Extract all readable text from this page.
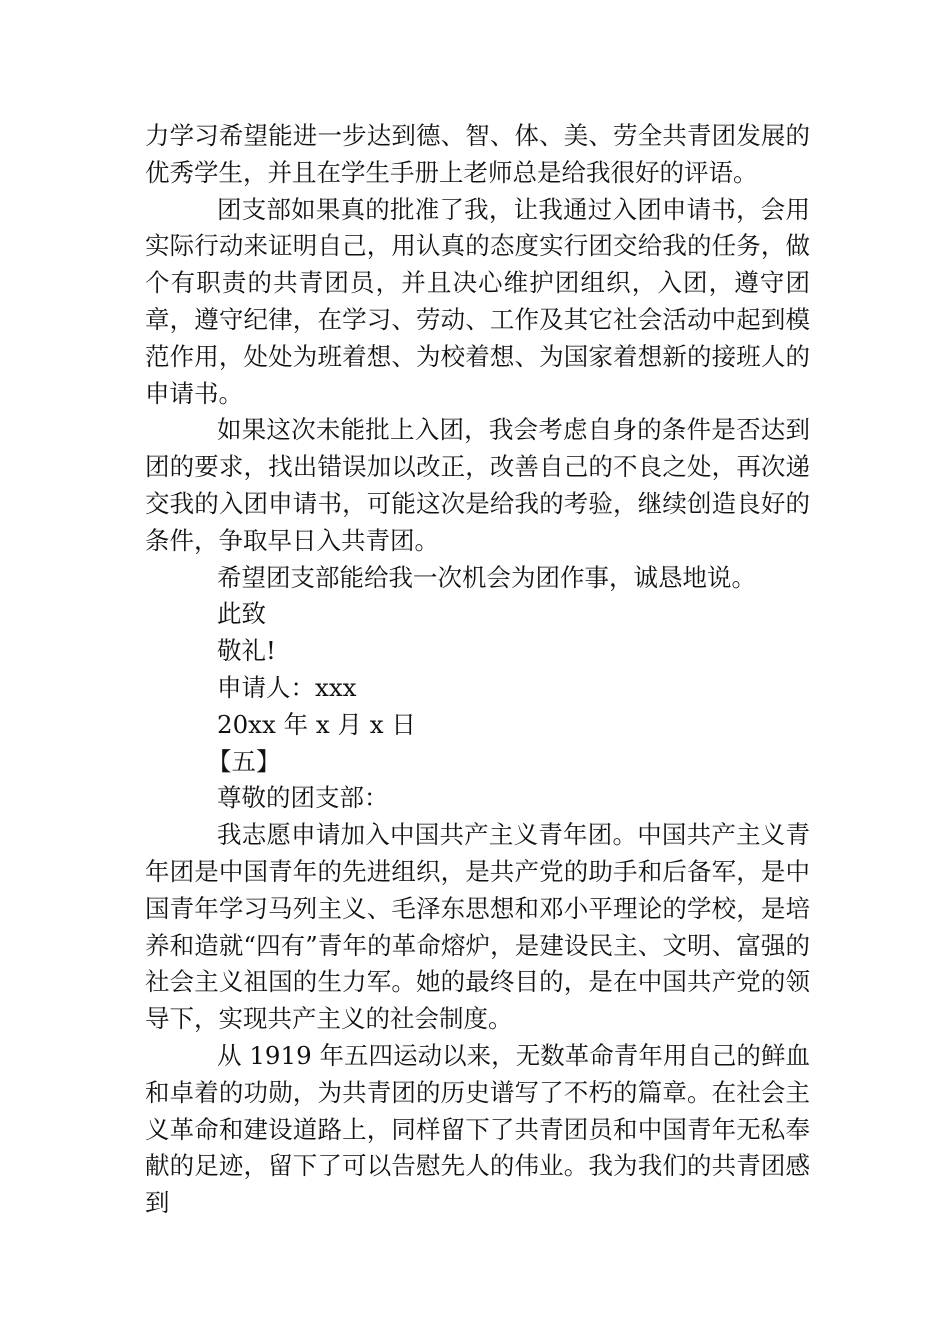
力学习希望能进一步达到德、智、体、美、劳全共青团发展的优秀学生，并且在学生手册上老师总是给我很好的评语。

团支部如果真的批准了我，让我通过入团申请书，会用实际行动来证明自己，用认真的态度实行团交给我的任务，做个有职责的共青团员，并且决心维护团组织，入团，遵守团章，遵守纪律，在学习、劳动、工作及其它社会活动中起到模范作用，处处为班着想、为校着想、为国家着想新的接班人的申请书。

如果这次未能批上入团，我会考虑自身的条件是否达到团的要求，找出错误加以改正，改善自己的不良之处，再次递交我的入团申请书，可能这次是给我的考验，继续创造良好的条件，争取早日入共青团。

希望团支部能给我一次机会为团作事，诚恳地说。

此致

敬礼!

申请人：xxx

20xx 年 x 月 x 日

【五】

尊敬的团支部：

我志愿申请加入中国共产主义青年团。中国共产主义青年团是中国青年的先进组织，是共产党的助手和后备军，是中国青年学习马列主义、毛泽东思想和邓小平理论的学校，是培养和造就“四有”青年的革命熔炉，是建设民主、文明、富强的社会主义祖国的生力军。她的最终目的，是在中国共产党的领导下，实现共产主义的社会制度。

从 1919 年五四运动以来，无数革命青年用自己的鲜血和卓着的功勋，为共青团的历史谱写了不朽的篇章。在社会主义革命和建设道路上，同样留下了共青团员和中国青年无私奉献的足迹，留下了可以告慰先人的伟业。我为我们的共青团感到
